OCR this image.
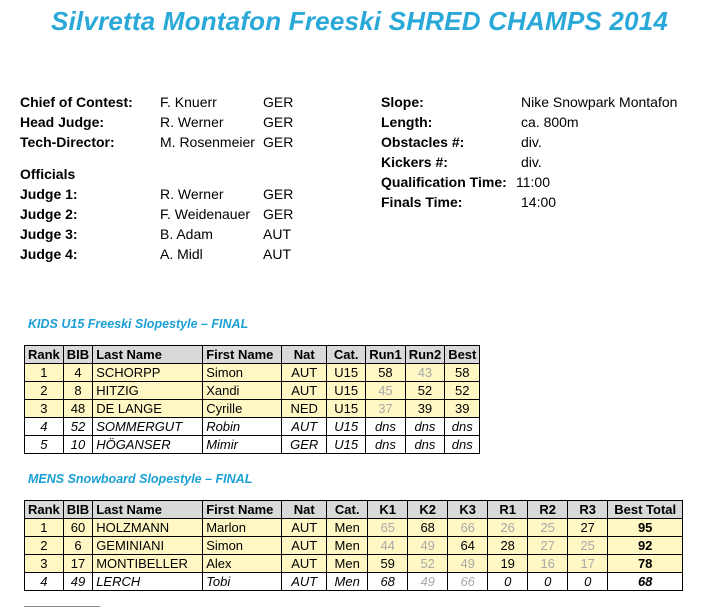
Silvretta Montafon Freeski SHRED CHAMPS 2014
Chief of Contest: F. Knuerr	GER
Head Judge:	R. Werner	GER
Tech-Director:	M. Rosenmeier GER
Officials
Judge 1:	R. Werner	GER
Judge 2:	F. Weidenauer GER
Judge 3:	B. Adam	AUT
Judge 4:	A. Midl	AUT
Slope:	Nike Snowpark Montafon
Length:	ca. 800m
Obstacles #:	div.
Kickers #:	div.
Qualification Time: 11:00
Finals Time:	14:00
KIDS U15 Freeski Slopestyle – FINAL
Rank	BIB	Last Name	First Name	Nat	Cat.	Run1	Run2	Best
1	4	SCHORPP	Simon	AUT	U15	58	43	58
2	8	HITZIG	Xandi	AUT	U15	45	52	52
3	48	DE LANGE	Cyrille	NED	U15	37	39	39
4	52	SOMMERGUT	Robin	AUT	U15	dns	dns	dns
5	10	HÖGANSER	Mimir	GER	U15	dns	dns	dns
MENS Snowboard Slopestyle – FINAL
Rank	BIB	Last Name	First Name	Nat	Cat.	K1	K2	K3	R1	R2	R3	Best Total
1	60	HOLZMANN	Marlon	AUT	Men	65	68	66	26	25	27	95
2	6	GEMINIANI	Simon	AUT	Men	44	49	64	28	27	25	92
3	17	MONTIBELLER	Alex	AUT	Men	59	52	49	19	16	17	78
4	49	LERCH	Tobi	AUT	Men	68	49	66	0	0	0	68
